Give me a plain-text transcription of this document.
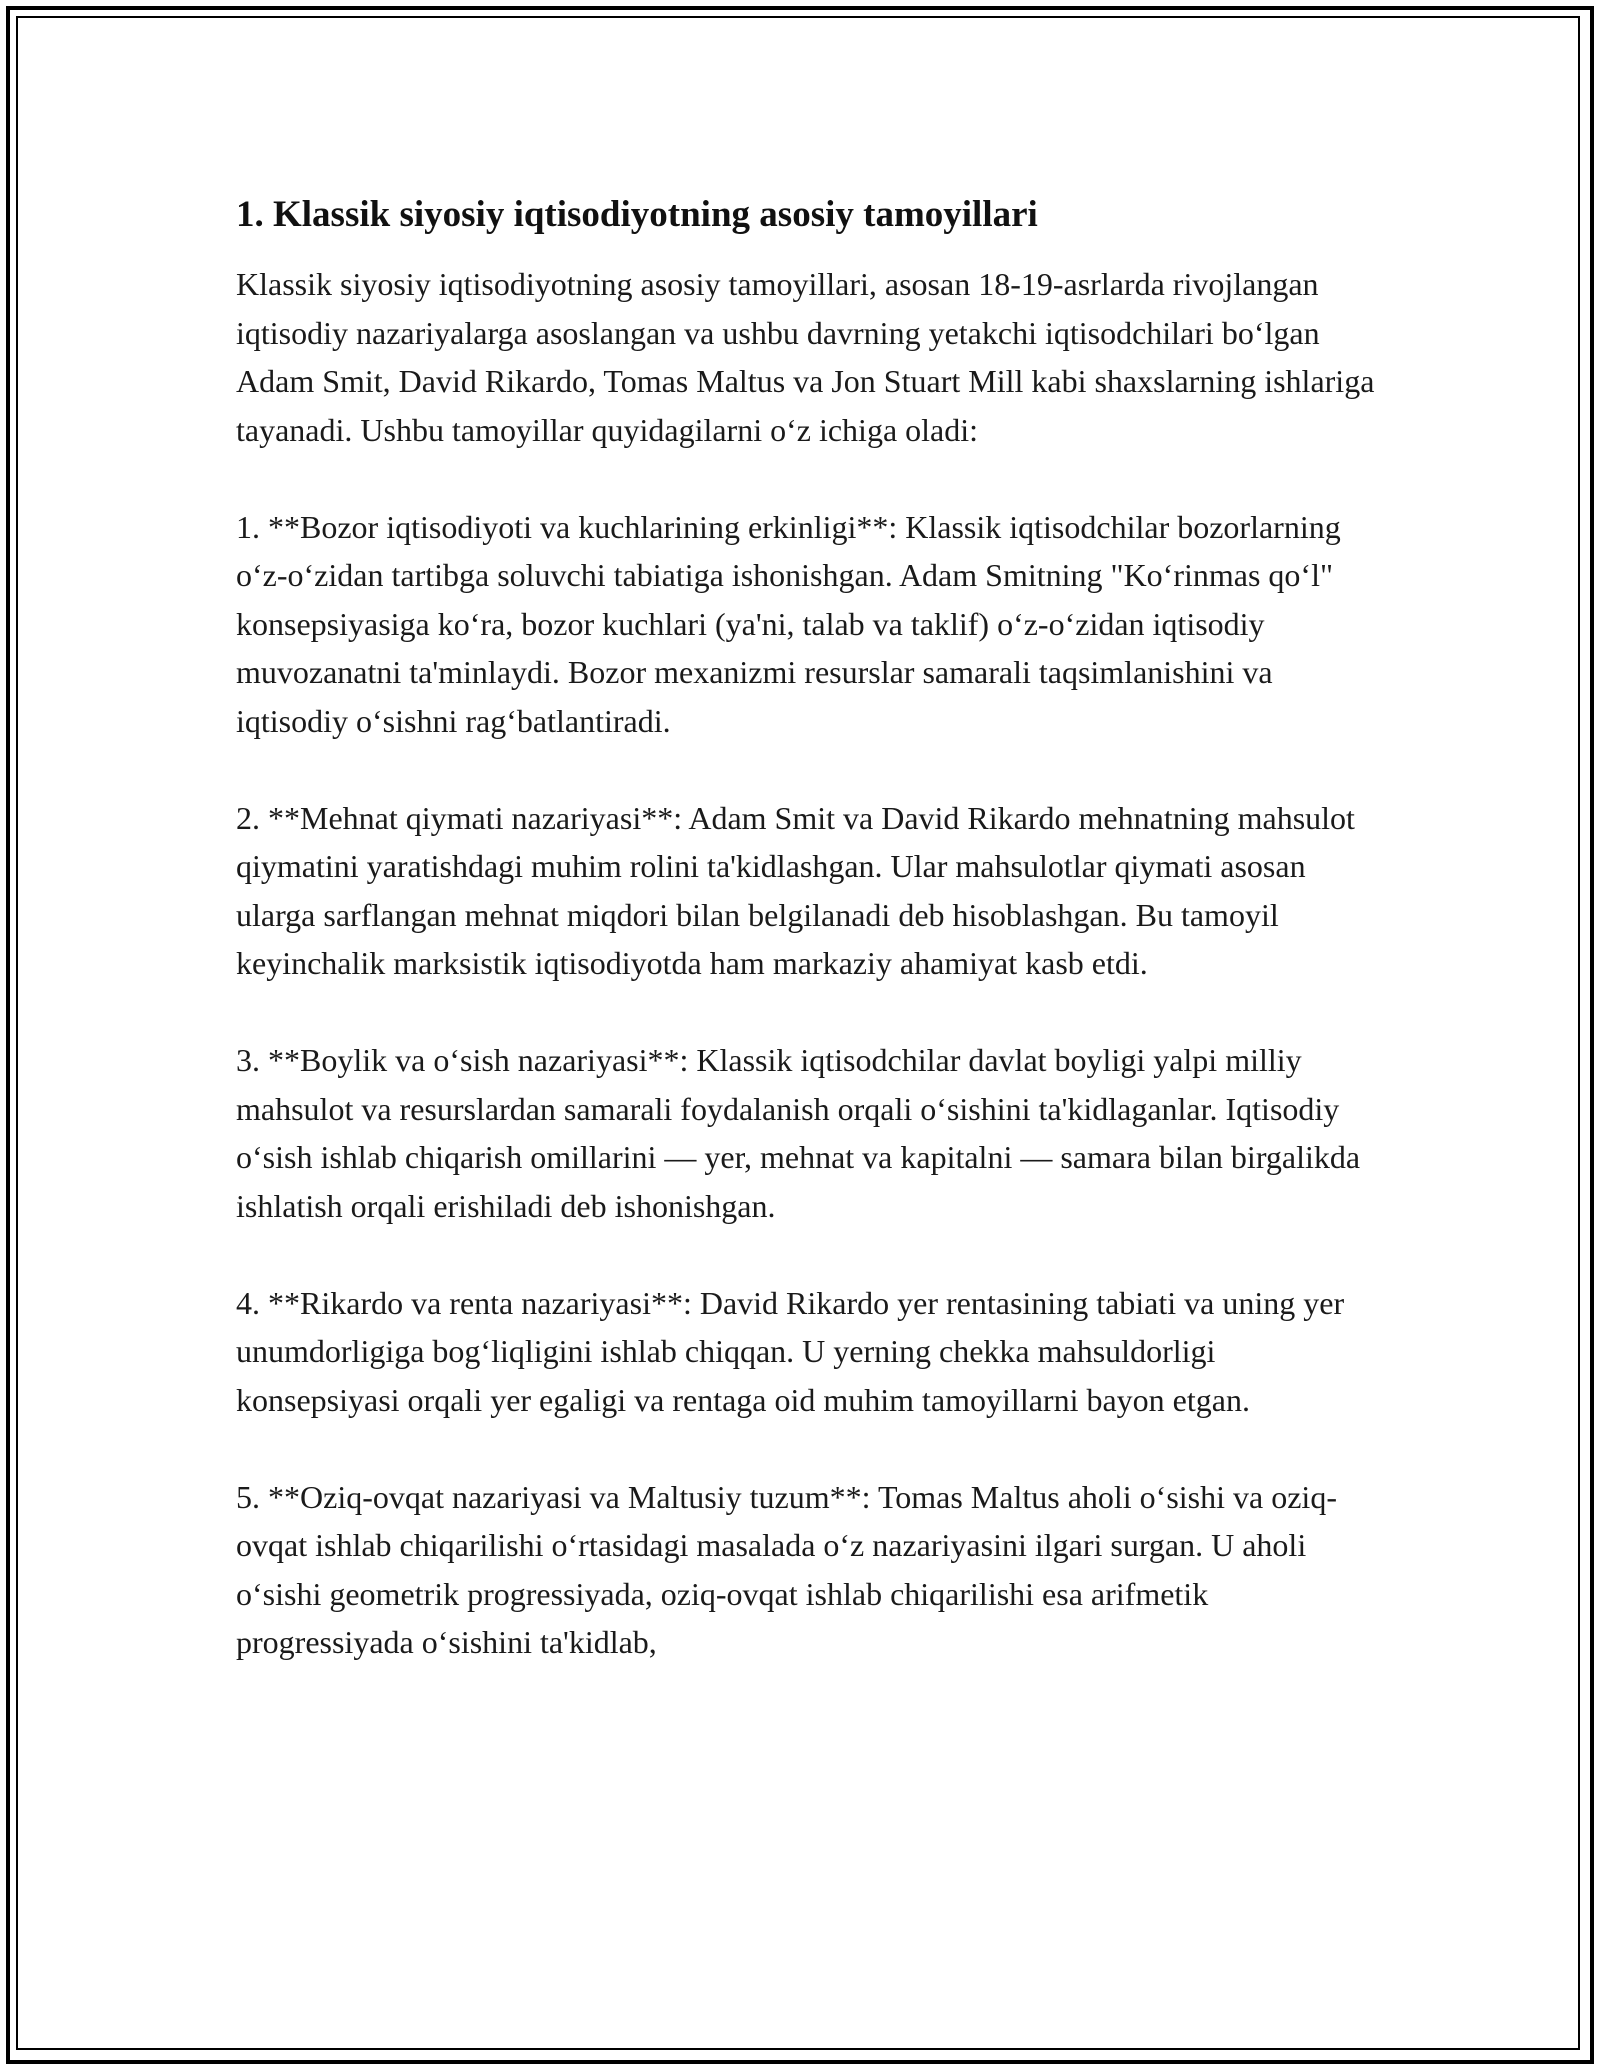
1. Klassik siyosiy iqtisodiyotning asosiy tamoyillari

Klassik siyosiy iqtisodiyotning asosiy tamoyillari, asosan 18-19-asrlarda rivojlangan iqtisodiy nazariyalarga asoslangan va ushbu davrning yetakchi iqtisodchilari boʻlgan Adam Smit, David Rikardo, Tomas Maltus va Jon Stuart Mill kabi shaxslarning ishlariga tayanadi. Ushbu tamoyillar quyidagilarni oʻz ichiga oladi:

1. **Bozor iqtisodiyoti va kuchlarining erkinligi**: Klassik iqtisodchilar bozorlarning oʻz-oʻzidan tartibga soluvchi tabiatiga ishonishgan. Adam Smitning "Koʻrinmas qoʻl" konsepsiyasiga koʻra, bozor kuchlari (ya'ni, talab va taklif) oʻz-oʻzidan iqtisodiy muvozanatni ta'minlaydi. Bozor mexanizmi resurslar samarali taqsimlanishini va iqtisodiy oʻsishni ragʻbatlantiradi.

2. **Mehnat qiymati nazariyasi**: Adam Smit va David Rikardo mehnatning mahsulot qiymatini yaratishdagi muhim rolini ta'kidlashgan. Ular mahsulotlar qiymati asosan ularga sarflangan mehnat miqdori bilan belgilanadi deb hisoblashgan. Bu tamoyil keyinchalik marksistik iqtisodiyotda ham markaziy ahamiyat kasb etdi.

3. **Boylik va oʻsish nazariyasi**: Klassik iqtisodchilar davlat boyligi yalpi milliy mahsulot va resurslardan samarali foydalanish orqali oʻsishini ta'kidlaganlar. Iqtisodiy oʻsish ishlab chiqarish omillarini — yer, mehnat va kapitalni — samara bilan birgalikda ishlatish orqali erishiladi deb ishonishgan.

4. **Rikardo va renta nazariyasi**: David Rikardo yer rentasining tabiati va uning yer unumdorligiga bogʻliqligini ishlab chiqqan. U yerning chekka mahsuldorligi konsepsiyasi orqali yer egaligi va rentaga oid muhim tamoyillarni bayon etgan.

5. **Oziq-ovqat nazariyasi va Maltusiy tuzum**: Tomas Maltus aholi oʻsishi va oziq-ovqat ishlab chiqarilishi oʻrtasidagi masalada oʻz nazariyasini ilgari surgan. U aholi oʻsishi geometrik progressiyada, oziq-ovqat ishlab chiqarilishi esa arifmetik progressiyada oʻsishini ta'kidlab,
